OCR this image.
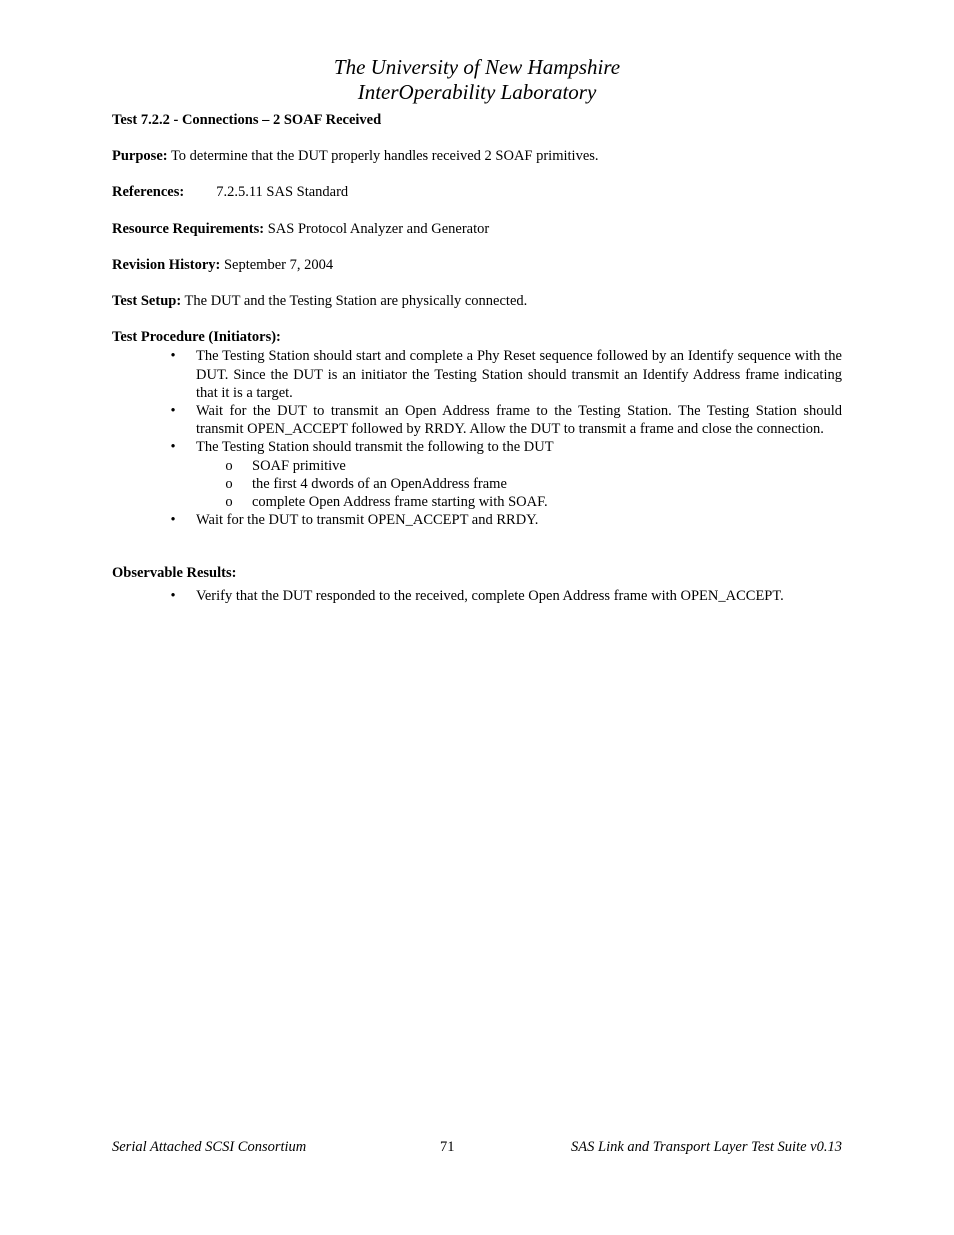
The University of New Hampshire
InterOperability Laboratory

Test 7.2.2 - Connections – 2 SOAF Received

Purpose: To determine that the DUT properly handles received 2 SOAF primitives.

References: 7.2.5.11 SAS Standard

Resource Requirements: SAS Protocol Analyzer and Generator

Revision History: September 7, 2004

Test Setup: The DUT and the Testing Station are physically connected.

Test Procedure (Initiators):

• The Testing Station should start and complete a Phy Reset sequence followed by an Identify sequence with the DUT. Since the DUT is an initiator the Testing Station should transmit an Identify Address frame indicating that it is a target.
• Wait for the DUT to transmit an Open Address frame to the Testing Station. The Testing Station should transmit OPEN_ACCEPT followed by RRDY. Allow the DUT to transmit a frame and close the connection.
• The Testing Station should transmit the following to the DUT
o SOAF primitive
o the first 4 dwords of an OpenAddress frame
o complete Open Address frame starting with SOAF.
• Wait for the DUT to transmit OPEN_ACCEPT and RRDY.

Observable Results:

• Verify that the DUT responded to the received, complete Open Address frame with OPEN_ACCEPT.
Serial Attached SCSI Consortium	71	SAS Link and Transport Layer Test Suite v0.13
